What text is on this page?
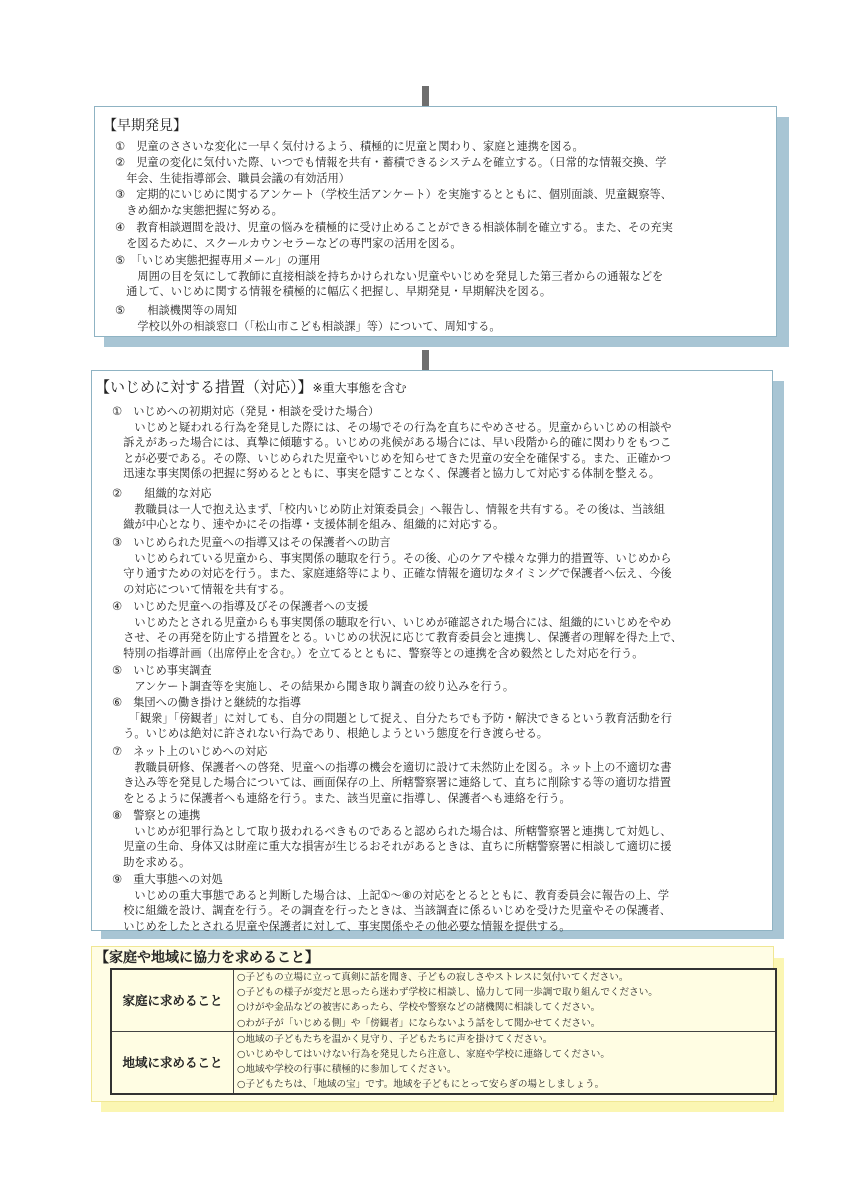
【早期発見】
①　児童のささいな変化に一早く気付けるよう、積極的に児童と関わり、家庭と連携を図る。
②　児童の変化に気付いた際、いつでも情報を共有・蓄積できるシステムを確立する。（日常的な情報交換、学
　年会、生徒指導部会、職員会議の有効活用）
③　定期的にいじめに関するアンケート（学校生活アンケート）を実施するとともに、個別面談、児童観察等、
　きめ細かな実態把握に努める。
④　教育相談週間を設け、児童の悩みを積極的に受け止めることができる相談体制を確立する。また、その充実
　を図るために、スクールカウンセラーなどの専門家の活用を図る。
⑤　「いじめ実態把握専用メール」の運用
　　周囲の目を気にして教師に直接相談を持ちかけられない児童やいじめを発見した第三者からの通報などを
　通して、いじめに関する情報を積極的に幅広く把握し、早期発見・早期解決を図る。
⑤　　相談機関等の周知
　　学校以外の相談窓口（「松山市こども相談課」等）について、周知する。
【いじめに対する措置（対応）】※重大事態を含む
①　いじめへの初期対応（発見・相談を受けた場合）
　　いじめと疑われる行為を発見した際には、その場でその行為を直ちにやめさせる。児童からいじめの相談や
　訴えがあった場合には、真摯に傾聴する。いじめの兆候がある場合には、早い段階から的確に関わりをもつこ
　とが必要である。その際、いじめられた児童やいじめを知らせてきた児童の安全を確保する。また、正確かつ
　迅速な事実関係の把握に努めるとともに、事実を隠すことなく、保護者と協力して対応する体制を整える。
②　　組織的な対応
　　教職員は一人で抱え込まず、「校内いじめ防止対策委員会」へ報告し、情報を共有する。その後は、当該組
　織が中心となり、速やかにその指導・支援体制を組み、組織的に対応する。
③　いじめられた児童への指導又はその保護者への助言
　　いじめられている児童から、事実関係の聴取を行う。その後、心のケアや様々な弾力的措置等、いじめから
　守り通すための対応を行う。また、家庭連絡等により、正確な情報を適切なタイミングで保護者へ伝え、今後
　の対応について情報を共有する。
④　いじめた児童への指導及びその保護者への支援
　　いじめたとされる児童からも事実関係の聴取を行い、いじめが確認された場合には、組織的にいじめをやめ
　させ、その再発を防止する措置をとる。いじめの状況に応じて教育委員会と連携し、保護者の理解を得た上で、
　特別の指導計画（出席停止を含む。）を立てるとともに、警察等との連携を含め毅然とした対応を行う。
⑤　いじめ事実調査
　　アンケート調査等を実施し、その結果から聞き取り調査の絞り込みを行う。
⑥　集団への働き掛けと継続的な指導
　　「観衆」「傍観者」に対しても、自分の問題として捉え、自分たちでも予防・解決できるという教育活動を行
　う。いじめは絶対に許されない行為であり、根絶しようという態度を行き渡らせる。
⑦　ネット上のいじめへの対応
　　教職員研修、保護者への啓発、児童への指導の機会を適切に設けて未然防止を図る。ネット上の不適切な書
　き込み等を発見した場合については、画面保存の上、所轄警察署に連絡して、直ちに削除する等の適切な措置
　をとるように保護者へも連絡を行う。また、該当児童に指導し、保護者へも連絡を行う。
⑧　警察との連携
　　いじめが犯罪行為として取り扱われるべきものであると認められた場合は、所轄警察署と連携して対処し、
　児童の生命、身体又は財産に重大な損害が生じるおそれがあるときは、直ちに所轄警察署に相談して適切に援
　助を求める。
⑨　重大事態への対処
　　いじめの重大事態であると判断した場合は、上記①～⑧の対応をとるとともに、教育委員会に報告の上、学
　校に組織を設け、調査を行う。その調査を行ったときは、当該調査に係るいじめを受けた児童やその保護者、
　いじめをしたとされる児童や保護者に対して、事実関係やその他必要な情報を提供する。
【家庭や地域に協力を求めること】
家庭に求めること	○子どもの立場に立って真剣に話を聞き、子どもの寂しさやストレスに気付いてください。
○子どもの様子が変だと思ったら迷わず学校に相談し、協力して同一歩調で取り組んでください。
○けがや金品などの被害にあったら、学校や警察などの諸機関に相談してください。
○わが子が「いじめる側」や「傍観者」にならないよう話をして聞かせてください。

地域に求めること	○地域の子どもたちを温かく見守り、子どもたちに声を掛けてください。
○いじめやしてはいけない行為を発見したら注意し、家庭や学校に連絡してください。
○地域や学校の行事に積極的に参加してください。
○子どもたちは、「地域の宝」です。地域を子どもにとって安らぎの場としましょう。
